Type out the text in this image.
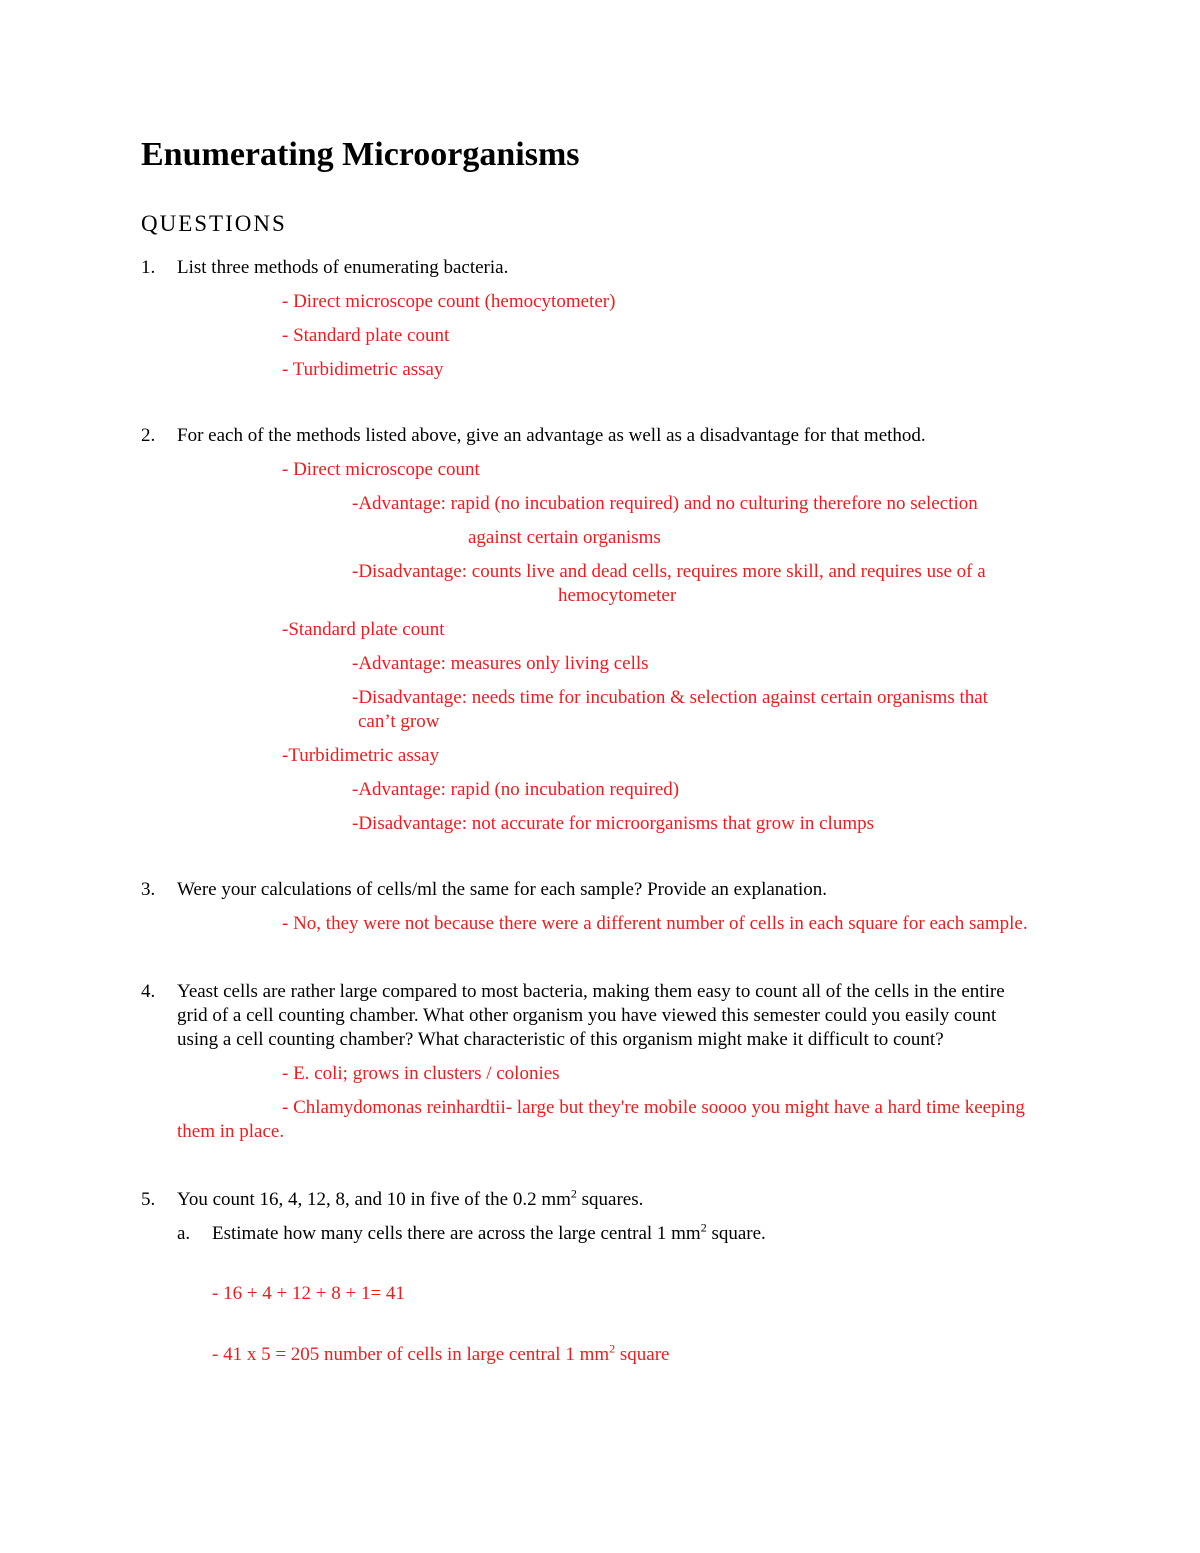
Enumerating Microorganisms
QUESTIONS
1. List three methods of enumerating bacteria.
- Direct microscope count (hemocytometer)
- Standard plate count
- Turbidimetric assay
2. For each of the methods listed above, give an advantage as well as a disadvantage for that method.
- Direct microscope count
-Advantage: rapid (no incubation required) and no culturing therefore no selection
against certain organisms
-Disadvantage: counts live and dead cells, requires more skill, and requires use of a
hemocytometer
-Standard plate count
-Advantage: measures only living cells
-Disadvantage: needs time for incubation & selection against certain organisms that
can’t grow
-Turbidimetric assay
-Advantage: rapid (no incubation required)
-Disadvantage: not accurate for microorganisms that grow in clumps
3. Were your calculations of cells/ml the same for each sample? Provide an explanation.
- No, they were not because there were a different number of cells in each square for each sample.
4. Yeast cells are rather large compared to most bacteria, making them easy to count all of the cells in the entire
grid of a cell counting chamber. What other organism you have viewed this semester could you easily count
using a cell counting chamber? What characteristic of this organism might make it difficult to count?
- E. coli; grows in clusters / colonies
- Chlamydomonas reinhardtii- large but they're mobile soooo you might have a hard time keeping
them in place.
5. You count 16, 4, 12, 8, and 10 in five of the 0.2 $mm^2$ squares.
a. Estimate how many cells there are across the large central 1 $mm^2$ square.
- 16 + 4 + 12 + 8 + 1= 41
- 41 x 5 = 205 number of cells in large central 1 $mm^2$ square
